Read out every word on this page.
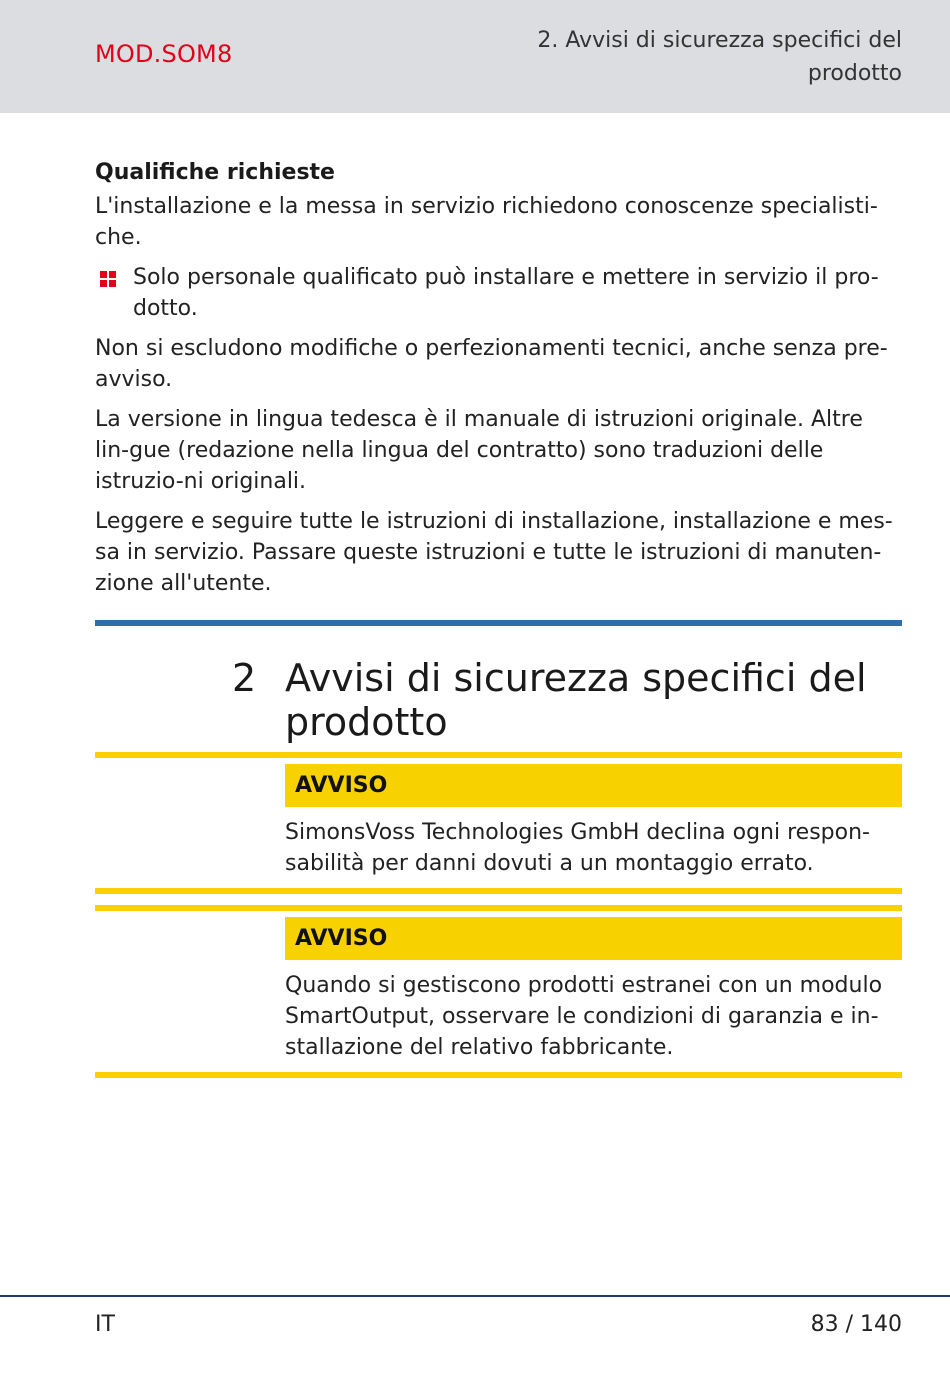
MOD.SOM8	2. Avvisi di sicurezza specifici del prodotto
Qualifiche richieste

L'installazione e la messa in servizio richiedono conoscenze specialisti-che.

Solo personale qualificato può installare e mettere in servizio il pro-dotto.

Non si escludono modifiche o perfezionamenti tecnici, anche senza pre-avviso.

La versione in lingua tedesca è il manuale di istruzioni originale. Altre lin-gue (redazione nella lingua del contratto) sono traduzioni delle istruzio-ni originali.

Leggere e seguire tutte le istruzioni di installazione, installazione e mes-sa in servizio. Passare queste istruzioni e tutte le istruzioni di manuten-zione all'utente.

2 Avvisi di sicurezza specifici del prodotto
AVVISO
SimonsVoss Technologies GmbH declina ogni respon-sabilità per danni dovuti a un montaggio errato.
AVVISO
Quando si gestiscono prodotti estranei con un modulo SmartOutput, osservare le condizioni di garanzia e in-stallazione del relativo fabbricante.
IT	83 / 140
